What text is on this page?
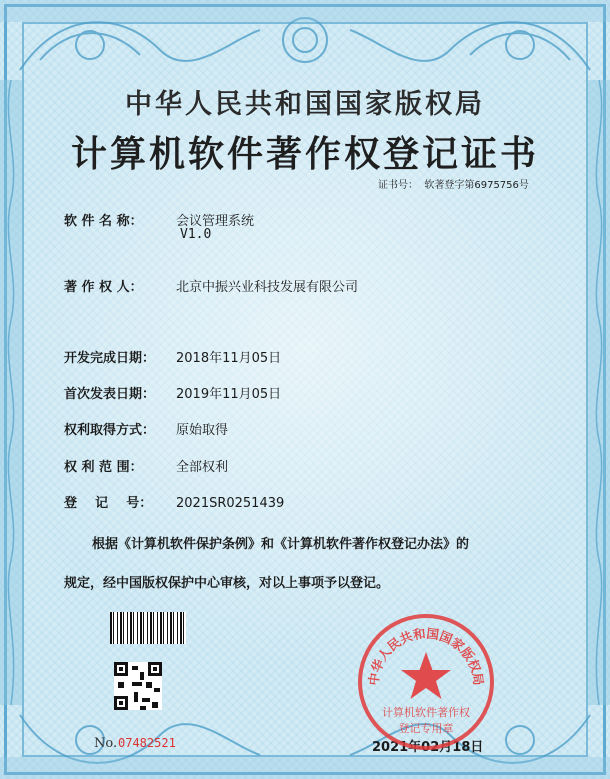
中华人民共和国国家版权局
计算机软件著作权登记证书
证书号： 软著登字第6975756号
软 件 名 称：	会议管理系统
V1.0
著 作 权 人：	北京中振兴业科技发展有限公司
开发完成日期： 2018年11月05日
首次发表日期： 2019年11月05日
权利取得方式： 原始取得
权 利 范 围：	全部权利
登    记    号： 2021SR0251439
根据《计算机软件保护条例》和《计算机软件著作权登记办法》的
规定，经中国版权保护中心审核，对以上事项予以登记。
No. 07482521	2021年02月18日
中华人民共和国国家版权局
计算机软件著作权
登记专用章
